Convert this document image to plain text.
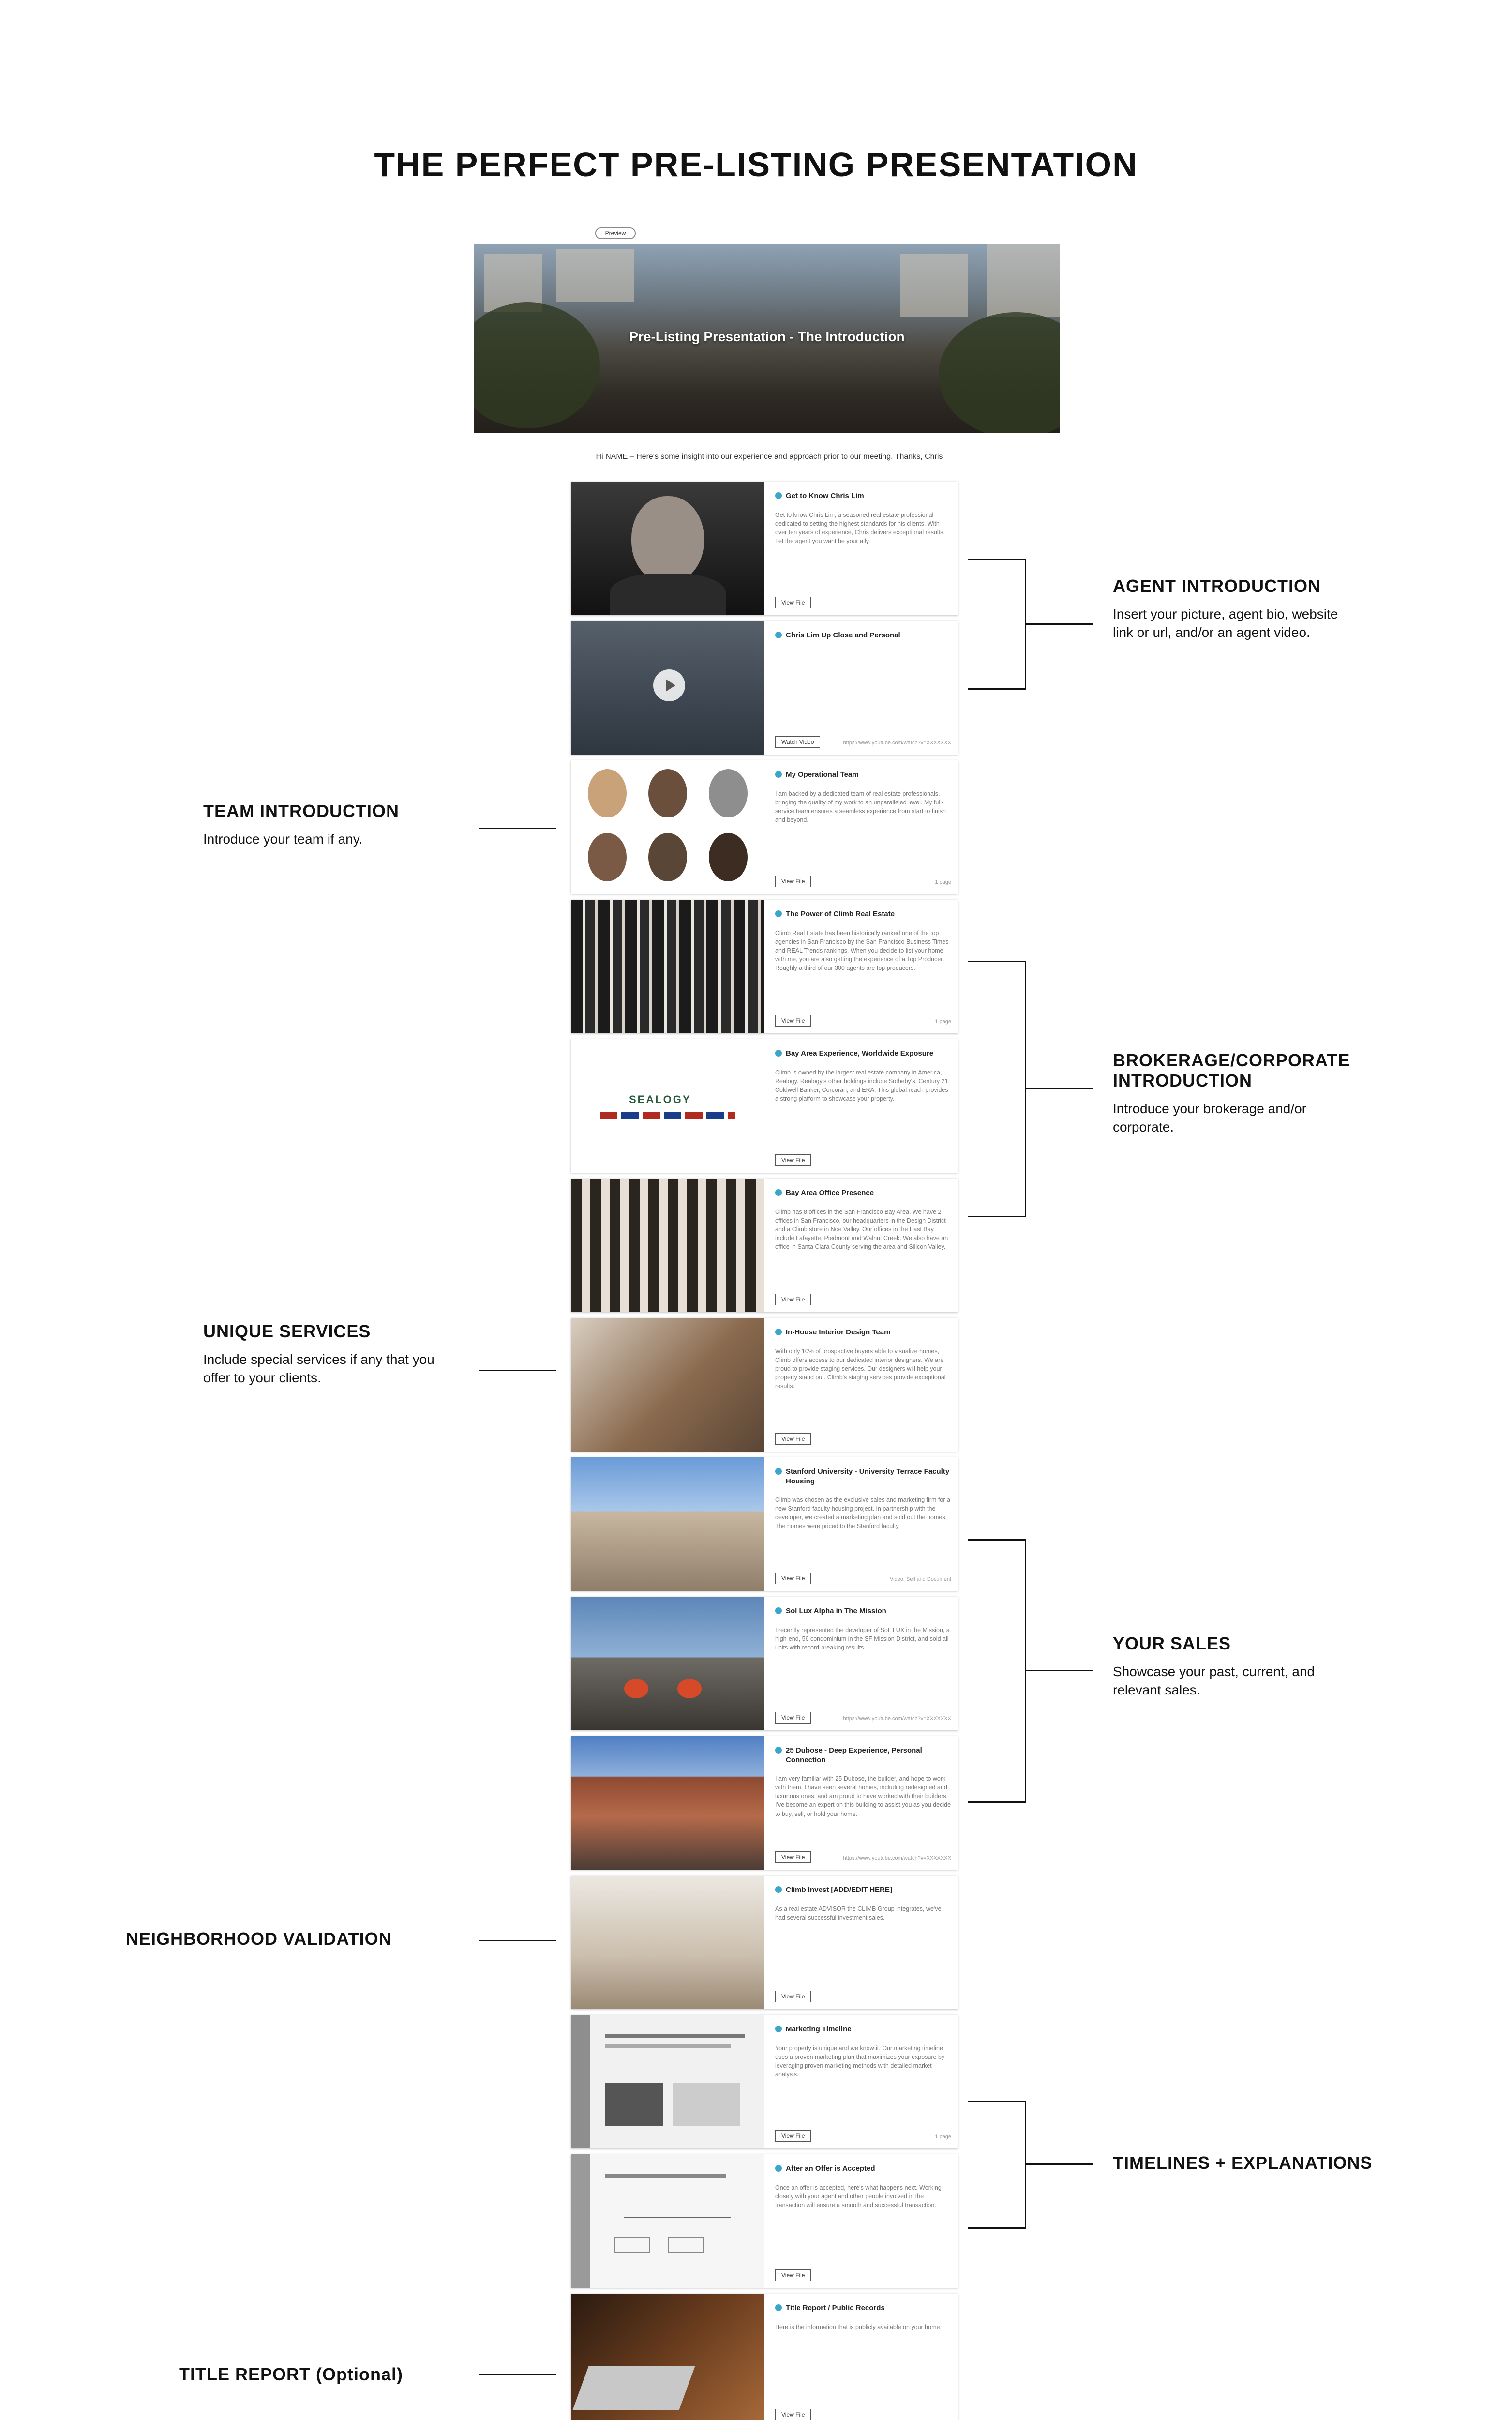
THE PERFECT PRE-LISTING PRESENTATION
Preview
Pre-Listing Presentation - The Introduction
Hi NAME – Here's some insight into our experience and approach prior to our meeting. Thanks, Chris
Get to Know Chris Lim
Get to know Chris Lim, a seasoned real estate professional dedicated to setting the highest standards for his clients. With over ten years of experience, Chris delivers exceptional results. Let the agent you want be your ally.
View File
Chris Lim Up Close and Personal
Watch Video	https://www.youtube.com/watch?v=XXXXXXX
My Operational Team
I am backed by a dedicated team of real estate professionals, bringing the quality of my work to an unparalleled level. My full-service team ensures a seamless experience from start to finish and beyond.
View File	1 page
The Power of Climb Real Estate
Climb Real Estate has been historically ranked one of the top agencies in San Francisco by the San Francisco Business Times and REAL Trends rankings. When you decide to list your home with me, you are also getting the experience of a Top Producer. Roughly a third of our 300 agents are top producers.
View File	1 page
SEALOGY
Bay Area Experience, Worldwide Exposure
Climb is owned by the largest real estate company in America, Realogy. Realogy's other holdings include Sotheby's, Century 21, Coldwell Banker, Corcoran, and ERA. This global reach provides a strong platform to showcase your property.
View File
Bay Area Office Presence
Climb has 8 offices in the San Francisco Bay Area. We have 2 offices in San Francisco, our headquarters in the Design District and a Climb store in Noe Valley. Our offices in the East Bay include Lafayette, Piedmont and Walnut Creek. We also have an office in Santa Clara County serving the area and Silicon Valley.
View File
In-House Interior Design Team
With only 10% of prospective buyers able to visualize homes, Climb offers access to our dedicated interior designers. We are proud to provide staging services. Our designers will help your property stand out. Climb's staging services provide exceptional results.
View File
Stanford University - University Terrace Faculty Housing
Climb was chosen as the exclusive sales and marketing firm for a new Stanford faculty housing project. In partnership with the developer, we created a marketing plan and sold out the homes. The homes were priced to the Stanford faculty.
View File	Video: Sell and Document
Sol Lux Alpha in The Mission
I recently represented the developer of SoL LUX in the Mission, a high-end, 56 condominium in the SF Mission District, and sold all units with record-breaking results.
View File	https://www.youtube.com/watch?v=XXXXXXX
25 Dubose - Deep Experience, Personal Connection
I am very familiar with 25 Dubose, the builder, and hope to work with them. I have seen several homes, including redesigned and luxurious ones, and am proud to have worked with their builders. I've become an expert on this building to assist you as you decide to buy, sell, or hold your home.
View File	https://www.youtube.com/watch?v=XXXXXXX
Climb Invest [ADD/EDIT HERE]
As a real estate ADVISOR the CLIMB Group integrates, we've had several successful investment sales.
View File
Marketing Timeline
Your property is unique and we know it. Our marketing timeline uses a proven marketing plan that maximizes your exposure by leveraging proven marketing methods with detailed market analysis.
View File	1 page
After an Offer is Accepted
Once an offer is accepted, here's what happens next. Working closely with your agent and other people involved in the transaction will ensure a smooth and successful transaction.
View File
Title Report / Public Records
Here is the information that is publicly available on your home.
View File
AGENT INTRODUCTION
Insert your picture, agent bio, website link or url, and/or an agent video.
TEAM INTRODUCTION
Introduce your team if any.
BROKERAGE/CORPORATE INTRODUCTION
Introduce your brokerage and/or corporate.
UNIQUE SERVICES
Include special services if any that you offer to your clients.
YOUR SALES
Showcase your past, current, and relevant sales.
NEIGHBORHOOD VALIDATION
TIMELINES + EXPLANATIONS
TITLE REPORT (Optional)
